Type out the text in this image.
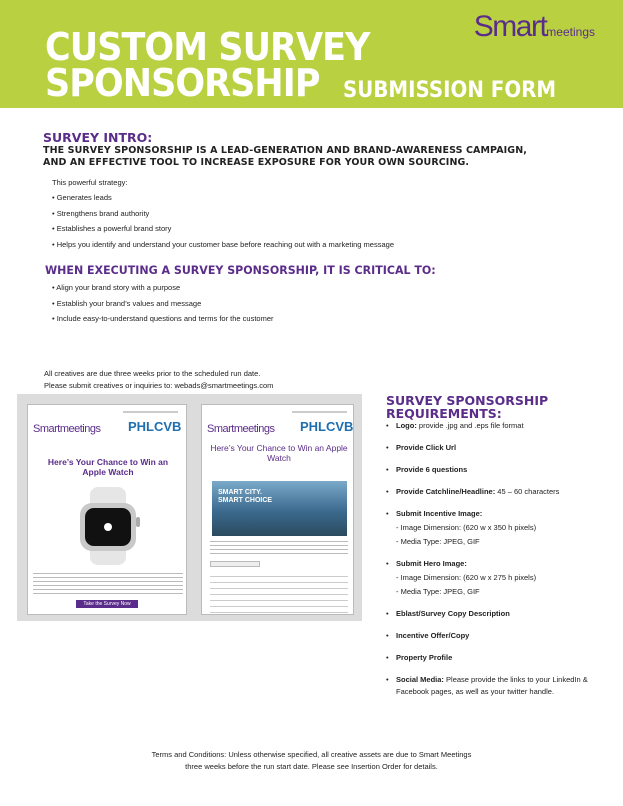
CUSTOM SURVEY
SPONSORSHIP SUBMISSION FORM
Smartmeetings
SURVEY INTRO:
THE SURVEY SPONSORSHIP IS A LEAD-GENERATION AND BRAND-AWARENESS CAMPAIGN,
AND AN EFFECTIVE TOOL TO INCREASE EXPOSURE FOR YOUR OWN SOURCING.
This powerful strategy:
• Generates leads
• Strengthens brand authority
• Establishes a powerful brand story
• Helps you identify and understand your customer base before reaching out with a marketing message
WHEN EXECUTING A SURVEY SPONSORSHIP, IT IS CRITICAL TO:
• Align your brand story with a purpose
• Establish your brand’s values and message
• Include easy-to-understand questions and terms for the customer
All creatives are due three weeks prior to the scheduled run date.
Please submit creatives or inquiries to: webads@smartmeetings.com
Smartmeetings PHLCVB
Here’s Your Chance to Win an Apple Watch
Take the Survey Now
Smartmeetings PHLCVB
Here’s Your Chance to Win an Apple Watch
SMART CITY. SMART CHOICE
SURVEY SPONSORSHIP
REQUIREMENTS:
• Logo: provide .jpg and .eps file format
• Provide Click Url
• Provide 6 questions
• Provide Catchline/Headline: 45 – 60 characters
• Submit Incentive Image:
- Image Dimension: (620 w x 350 h pixels)
- Media Type: JPEG, GIF
• Submit Hero Image:
- Image Dimension: (620 w x 275 h pixels)
- Media Type: JPEG, GIF
• Eblast/Survey Copy Description
• Incentive Offer/Copy
• Property Profile
• Social Media: Please provide the links to your LinkedIn & Facebook pages, as well as your twitter handle.
Terms and Conditions: Unless otherwise specified, all creative assets are due to Smart Meetings
three weeks before the run start date. Please see Insertion Order for details.
